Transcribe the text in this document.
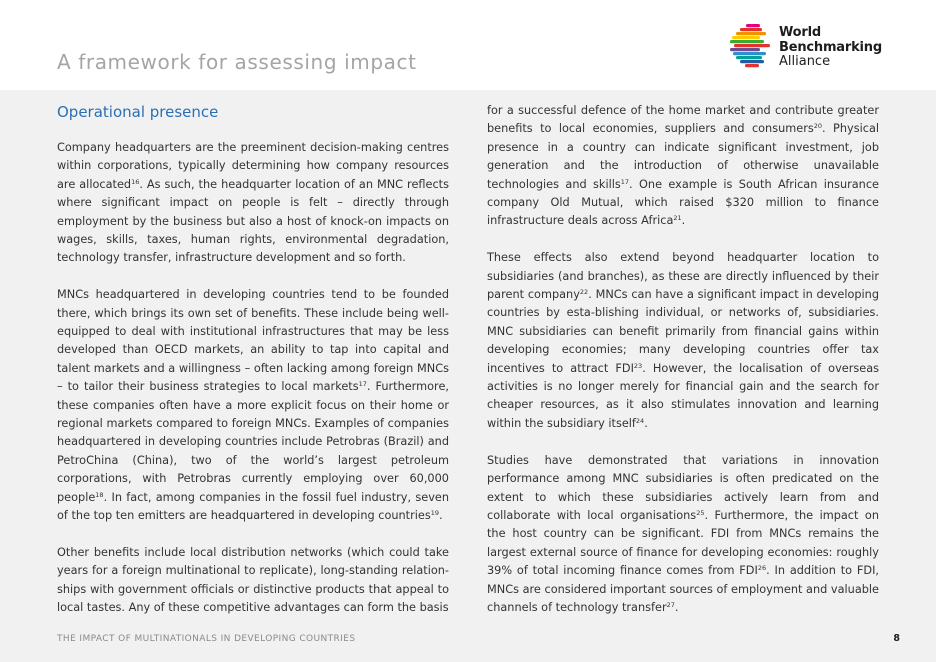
A framework for assessing impact
World
Benchmarking
Alliance
Operational presence

Company headquarters are the preeminent decision-making centres within corporations, typically determining how company resources are allocated$^{16}$. As such, the headquarter location of an MNC reflects where significant impact on people is felt – directly through employment by the business but also a host of knock-on impacts on wages, skills, taxes, human rights, environmental degradation, technology transfer, infrastructure development and so forth.

MNCs headquartered in developing countries tend to be founded there, which brings its own set of benefits. These include being well-equipped to deal with institutional infrastructures that may be less developed than OECD markets, an ability to tap into capital and talent markets and a willingness – often lacking among foreign MNCs – to tailor their business strategies to local markets$^{17}$. Furthermore, these companies often have a more explicit focus on their home or regional markets compared to foreign MNCs. Examples of companies headquartered in developing countries include Petrobras (Brazil) and PetroChina (China), two of the world’s largest petroleum corporations, with Petrobras currently employing over 60,000 people$^{18}$. In fact, among companies in the fossil fuel industry, seven of the top ten emitters are headquartered in developing countries$^{19}$.

Other benefits include local distribution networks (which could take years for a foreign multinational to replicate), long-standing relation-ships with government officials or distinctive products that appeal to local tastes. Any of these competitive advantages can form the basis

for a successful defence of the home market and contribute greater benefits to local economies, suppliers and consumers$^{20}$. Physical presence in a country can indicate significant investment, job generation and the introduction of otherwise unavailable technologies and skills$^{17}$. One example is South African insurance company Old Mutual, which raised $320 million to finance infrastructure deals across Africa$^{21}$.

These effects also extend beyond headquarter location to subsidiaries (and branches), as these are directly influenced by their parent company$^{22}$. MNCs can have a significant impact in developing countries by esta-blishing individual, or networks of, subsidiaries. MNC subsidiaries can benefit primarily from financial gains within developing economies; many developing countries offer tax incentives to attract FDI$^{23}$. However, the localisation of overseas activities is no longer merely for financial gain and the search for cheaper resources, as it also stimulates innovation and learning within the subsidiary itself$^{24}$.

Studies have demonstrated that variations in innovation performance among MNC subsidiaries is often predicated on the extent to which these subsidiaries actively learn from and collaborate with local organisations$^{25}$. Furthermore, the impact on the host country can be significant. FDI from MNCs remains the largest external source of finance for developing economies: roughly 39% of total incoming finance comes from FDI$^{26}$. In addition to FDI, MNCs are considered important sources of employment and valuable channels of technology transfer$^{27}$.

THE IMPACT OF MULTINATIONALS IN DEVELOPING COUNTRIES	8
